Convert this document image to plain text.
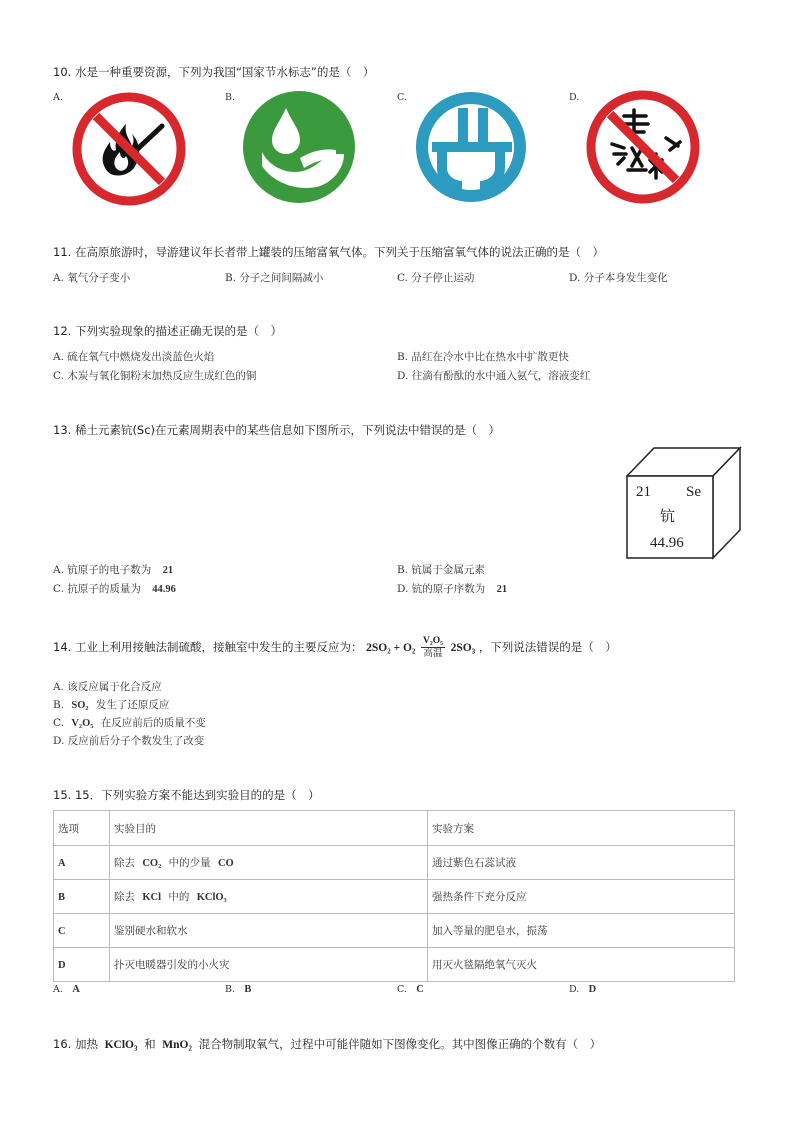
10. 水是一种重要资源，下列为我国“国家节水标志”的是（　）
A.	B.	C.	D.
11. 在高原旅游时，导游建议年长者带上罐装的压缩富氧气体。下列关于压缩富氧气体的说法正确的是（　）
A. 氧气分子变小	B. 分子之间间隔减小	C. 分子停止运动	D. 分子本身发生变化
12. 下列实验现象的描述正确无误的是（　）
A. 硫在氧气中燃烧发出淡蓝色火焰	B. 品红在冷水中比在热水中扩散更快
C. 木炭与氧化铜粉末加热反应生成红色的铜	D. 往滴有酚酞的水中通入氨气，溶液变红
13. 稀土元素钪(Sc)在元素周期表中的某些信息如下图所示，下列说法中错误的是（　）
21 Se
钪
44.96
A. 钪原子的电子数为 21	B. 钪属于金属元素
C. 抗原子的质量为 44.96	D. 钪的原子序数为 21
14. 工业上利用接触法制硫酸，接触室中发生的主要反应为： $2SO_2 + O_2 \frac{\text{V₂O₅}}{\text{高温}} 2SO_3$ ，下列说法错误的是（　）
A. 该反应属于化合反应
B. SO₂ 发生了还原反应
C. V₂O₅ 在反应前后的质量不变
D. 反应前后分子个数发生了改变
15. 15．下列实验方案不能达到实验目的的是（　）
选项	实验目的	实验方案
A	除去 CO₂ 中的少量 CO	通过紫色石蕊试液
B	除去 KCl 中的 KClO₃	强热条件下充分反应
C	鉴别硬水和软水	加入等量的肥皂水，振荡
D	扑灭电暖器引发的小火灾	用灭火毯隔绝氧气灭火
A. A	B. B	C. C	D. D
16. 加热 KClO₃ 和 MnO₂ 混合物制取氧气，过程中可能伴随如下图像变化。其中图像正确的个数有（　）
